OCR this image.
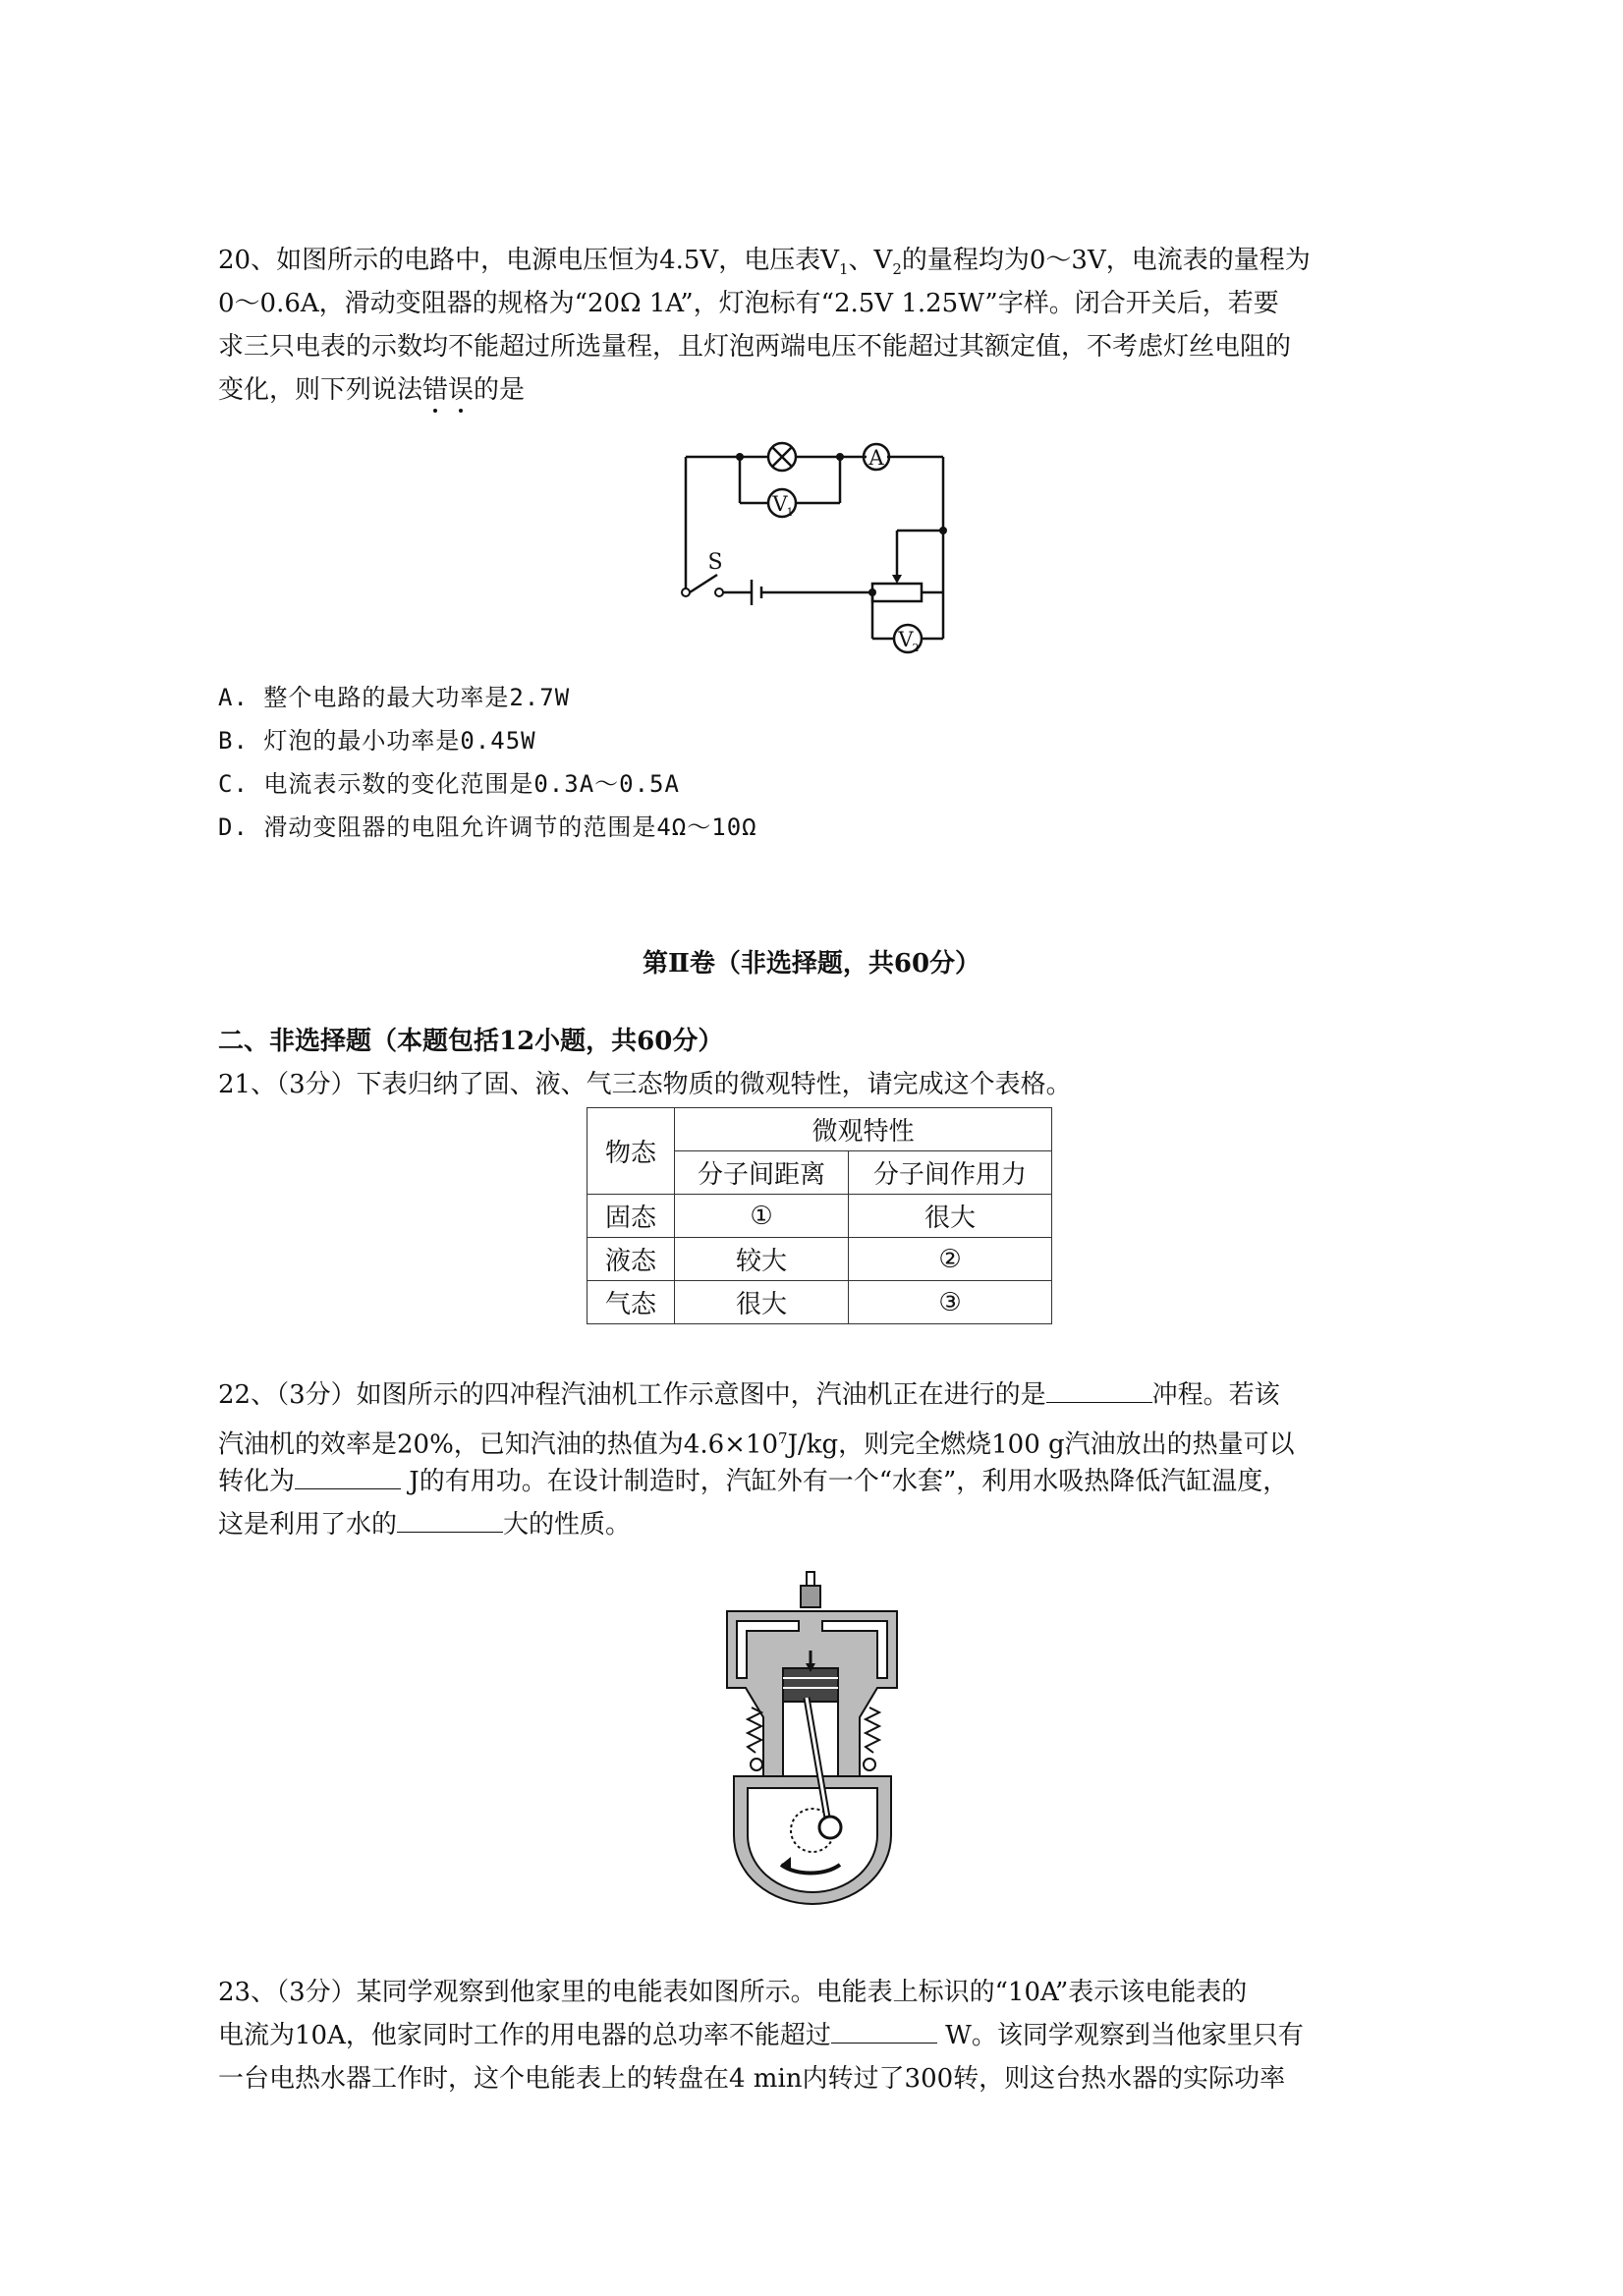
20、如图所示的电路中，电源电压恒为4.5V，电压表$V_1$、$V_2$的量程均为0～3V，电流表的量程为
0～0.6A，滑动变阻器的规格为“20Ω 1A”，灯泡标有“2.5V 1.25W”字样。闭合开关后，若要
求三只电表的示数均不能超过所选量程，且灯泡两端电压不能超过其额定值，不考虑灯丝电阻的
变化，则下列说法错误的是
A
V
1
V
2
S
A. 整个电路的最大功率是2.7W
B. 灯泡的最小功率是0.45W
C. 电流表示数的变化范围是0.3A～0.5A
D. 滑动变阻器的电阻允许调节的范围是4Ω～10Ω
第Ⅱ卷（非选择题，共60分）
二、非选择题（本题包括12小题，共60分）
21、（3分）下表归纳了固、液、气三态物质的微观特性，请完成这个表格。
物态	微观特性	
	分子间距离	分子间作用力
固态	①	很大
液态	较大	②
气态	很大	③
22、（3分）如图所示的四冲程汽油机工作示意图中，汽油机正在进行的是	冲程。若该
汽油机的效率是20%，已知汽油的热值为$4.6\times 10^7J/kg$，则完全燃烧100 g汽油放出的热量可以
转化为	J的有用功。在设计制造时，汽缸外有一个“水套”，利用水吸热降低汽缸温度，
这是利用了水的	大的性质。
23、（3分）某同学观察到他家里的电能表如图所示。电能表上标识的“10A”表示该电能表的
电流为10A，他家同时工作的用电器的总功率不能超过	W。该同学观察到当他家里只有
一台电热水器工作时，这个电能表上的转盘在4 min内转过了300转，则这台热水器的实际功率
